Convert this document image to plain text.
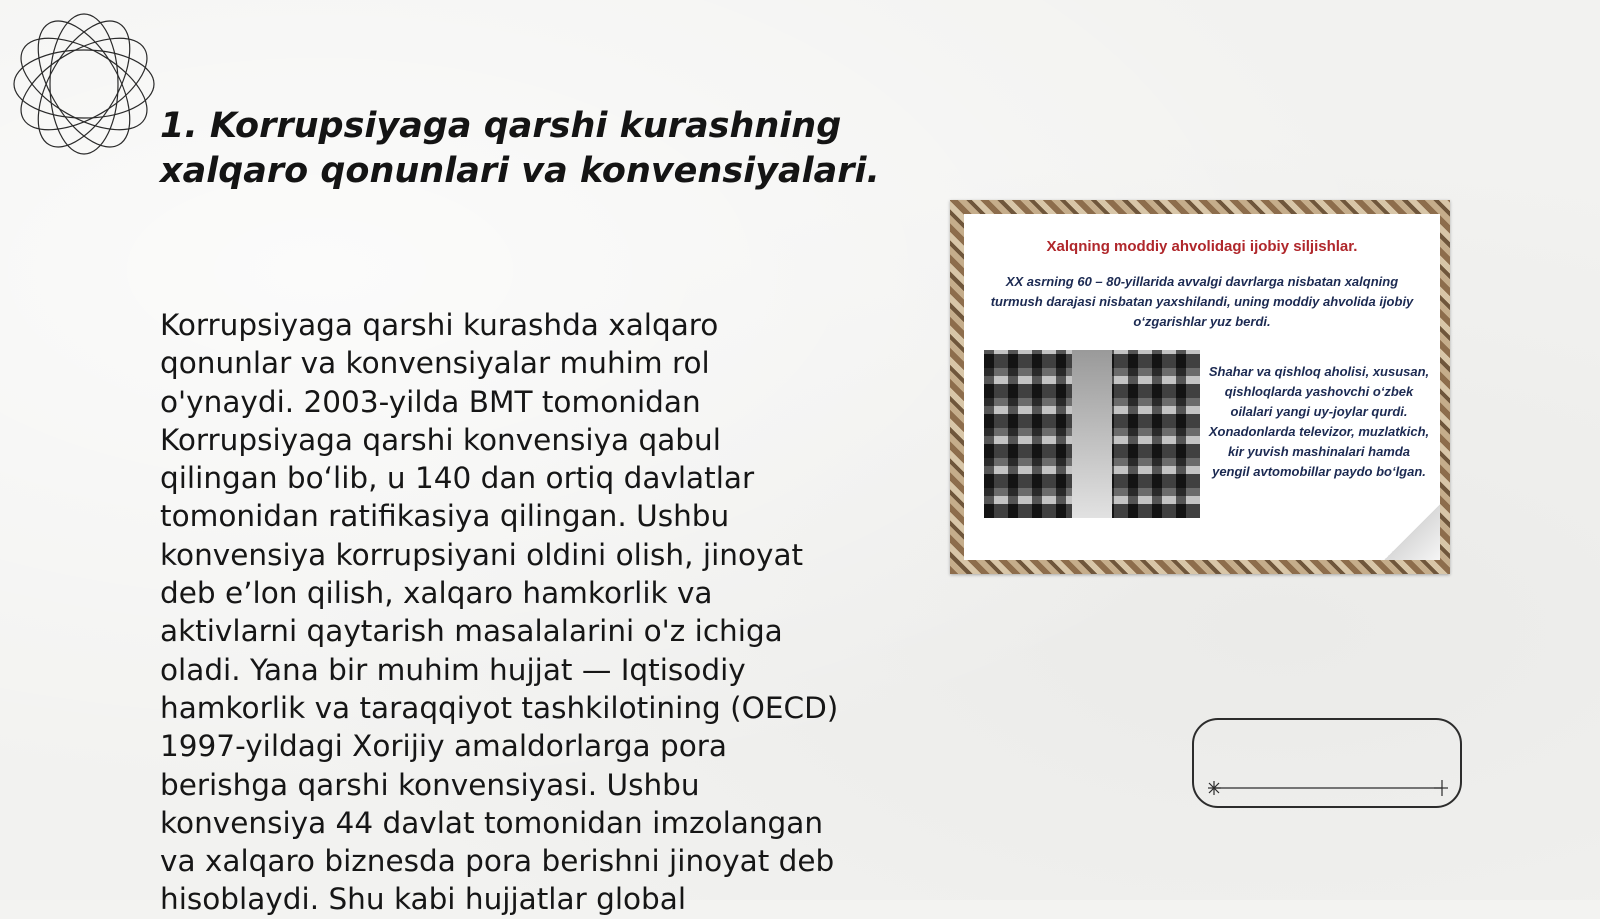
1. Korrupsiyaga qarshi kurashning xalqaro qonunlari va konvensiyalari.

Korrupsiyaga qarshi kurashda xalqaro qonunlar va konvensiyalar muhim rol o'ynaydi. 2003-yilda BMT tomonidan Korrupsiyaga qarshi konvensiya qabul qilingan bo‘lib, u 140 dan ortiq davlatlar tomonidan ratifikasiya qilingan. Ushbu konvensiya korrupsiyani oldini olish, jinoyat deb e’lon qilish, xalqaro hamkorlik va aktivlarni qaytarish masalalarini o'z ichiga oladi. Yana bir muhim hujjat — Iqtisodiy hamkorlik va taraqqiyot tashkilotining (OECD) 1997-yildagi Xorijiy amaldorlarga pora berishga qarshi konvensiyasi. Ushbu konvensiya 44 davlat tomonidan imzolangan va xalqaro biznesda pora berishni jinoyat deb hisoblaydi. Shu kabi hujjatlar global

Xalqning moddiy ahvolidagi ijobiy siljishlar.
XX asrning 60 – 80-yillarida avvalgi davrlarga nisbatan xalqning turmush darajasi nisbatan yaxshilandi, uning moddiy ahvolida ijobiy o‘zgarishlar yuz berdi.
Shahar va qishloq aholisi, xususan, qishloqlarda yashovchi o‘zbek oilalari yangi uy-joylar qurdi. Xonadonlarda televizor, muzlatkich, kir yuvish mashinalari hamda yengil avtomobillar paydo bo‘lgan.
